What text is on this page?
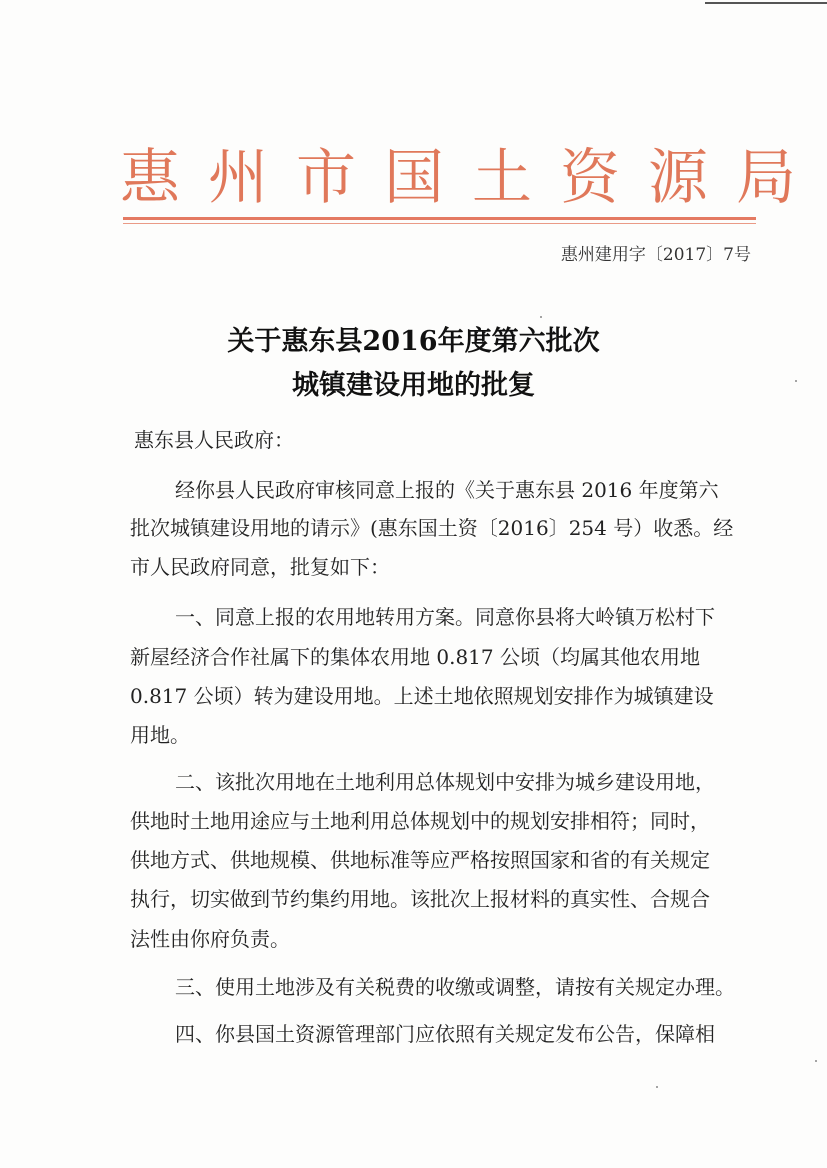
惠州市国土资源局
惠州建用字〔2017〕7号
关于惠东县2016年度第六批次
城镇建设用地的批复
惠东县人民政府：
经你县人民政府审核同意上报的《关于惠东县 2016 年度第六
批次城镇建设用地的请示》(惠东国土资〔2016〕254 号）收悉。经
市人民政府同意，批复如下：
一、同意上报的农用地转用方案。同意你县将大岭镇万松村下
新屋经济合作社属下的集体农用地 0.817 公顷（均属其他农用地
0.817 公顷）转为建设用地。上述土地依照规划安排作为城镇建设
用地。
二、该批次用地在土地利用总体规划中安排为城乡建设用地，
供地时土地用途应与土地利用总体规划中的规划安排相符；同时，
供地方式、供地规模、供地标准等应严格按照国家和省的有关规定
执行，切实做到节约集约用地。该批次上报材料的真实性、合规合
法性由你府负责。
三、使用土地涉及有关税费的收缴或调整，请按有关规定办理。
四、你县国土资源管理部门应依照有关规定发布公告，保障相
